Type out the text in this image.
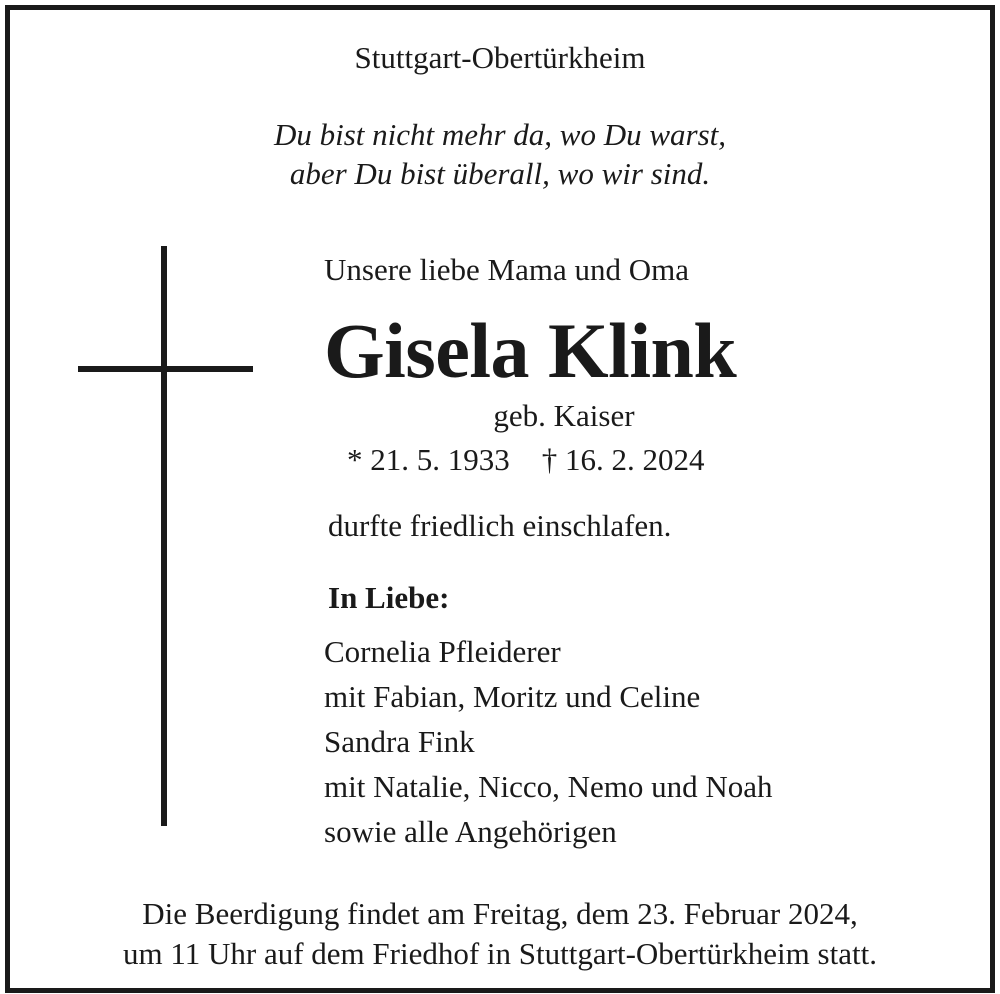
Stuttgart-Obertürkheim
Du bist nicht mehr da, wo Du warst,
aber Du bist überall, wo wir sind.
Unsere liebe Mama und Oma
Gisela Klink
geb. Kaiser
* 21. 5. 1933 † 16. 2. 2024
durfte friedlich einschlafen.
In Liebe:
Cornelia Pfleiderer
mit Fabian, Moritz und Celine
Sandra Fink
mit Natalie, Nicco, Nemo und Noah
sowie alle Angehörigen
Die Beerdigung findet am Freitag, dem 23. Februar 2024,
um 11 Uhr auf dem Friedhof in Stuttgart-Obertürkheim statt.
